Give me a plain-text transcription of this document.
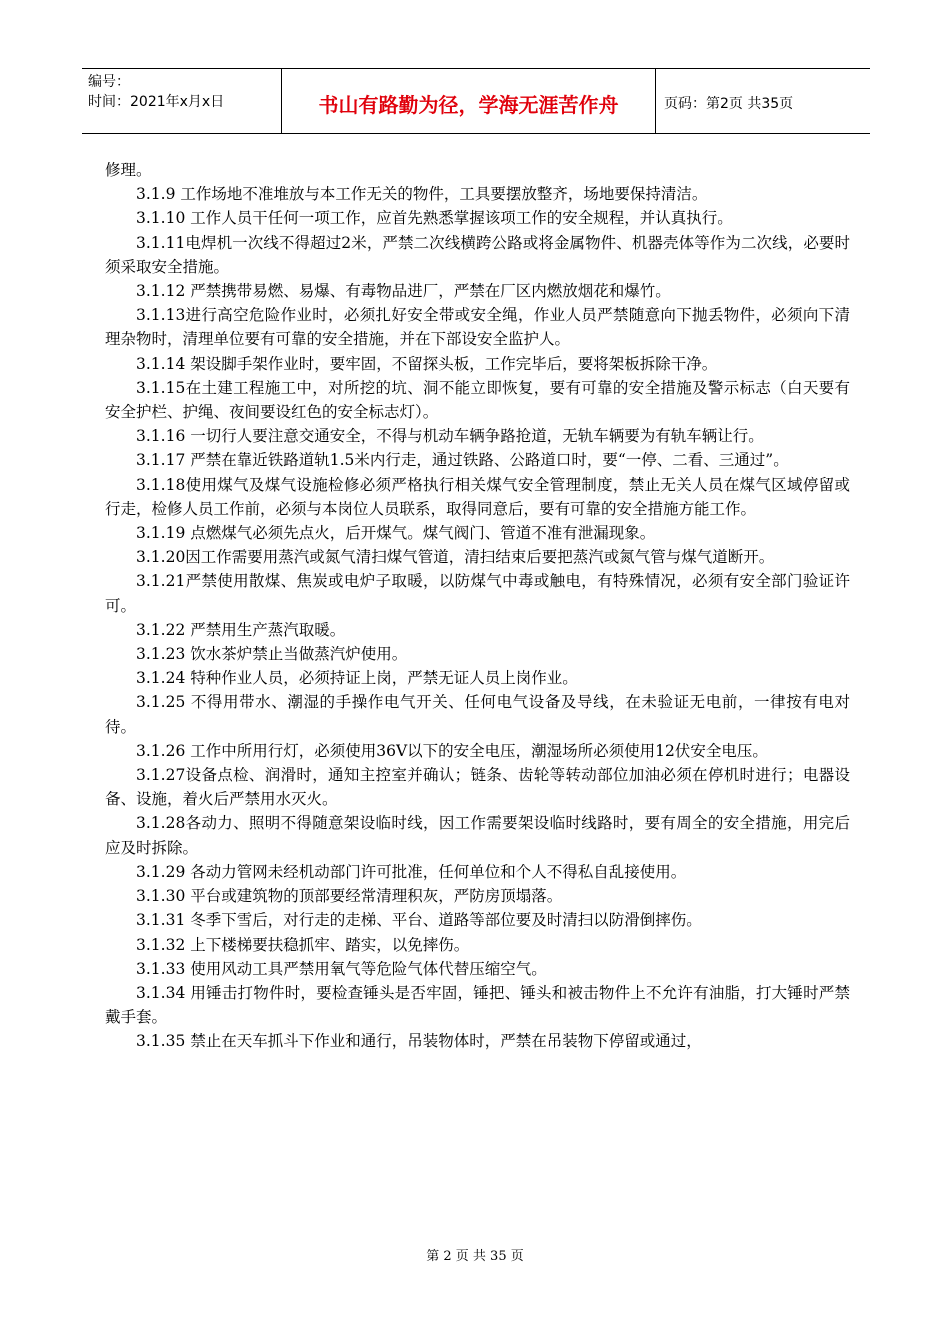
编号：
时间：2021年x月x日	书山有路勤为径，学海无涯苦作舟	页码：第2页 共35页

修理。

3.1.9 工作场地不准堆放与本工作无关的物件，工具要摆放整齐，场地要保持清洁。

3.1.10 工作人员干任何一项工作，应首先熟悉掌握该项工作的安全规程，并认真执行。

3.1.11电焊机一次线不得超过2米，严禁二次线横跨公路或将金属物件、机器壳体等作为二次线，必要时须采取安全措施。

3.1.12 严禁携带易燃、易爆、有毒物品进厂，严禁在厂区内燃放烟花和爆竹。

3.1.13进行高空危险作业时，必须扎好安全带或安全绳，作业人员严禁随意向下抛丢物件，必须向下清理杂物时，清理单位要有可靠的安全措施，并在下部设安全监护人。

3.1.14 架设脚手架作业时，要牢固，不留探头板，工作完毕后，要将架板拆除干净。

3.1.15在土建工程施工中，对所挖的坑、洞不能立即恢复，要有可靠的安全措施及警示标志（白天要有安全护栏、护绳、夜间要设红色的安全标志灯）。

3.1.16 一切行人要注意交通安全，不得与机动车辆争路抢道，无轨车辆要为有轨车辆让行。

3.1.17 严禁在靠近铁路道轨1.5米内行走，通过铁路、公路道口时，要“一停、二看、三通过”。

3.1.18使用煤气及煤气设施检修必须严格执行相关煤气安全管理制度，禁止无关人员在煤气区域停留或行走，检修人员工作前，必须与本岗位人员联系，取得同意后，要有可靠的安全措施方能工作。

3.1.19 点燃煤气必须先点火，后开煤气。煤气阀门、管道不准有泄漏现象。

3.1.20因工作需要用蒸汽或氮气清扫煤气管道，清扫结束后要把蒸汽或氮气管与煤气道断开。

3.1.21严禁使用散煤、焦炭或电炉子取暖，以防煤气中毒或触电，有特殊情况，必须有安全部门验证许可。

3.1.22 严禁用生产蒸汽取暖。

3.1.23 饮水茶炉禁止当做蒸汽炉使用。

3.1.24 特种作业人员，必须持证上岗，严禁无证人员上岗作业。

3.1.25 不得用带水、潮湿的手操作电气开关、任何电气设备及导线，在未验证无电前，一律按有电对待。

3.1.26 工作中所用行灯，必须使用36V以下的安全电压，潮湿场所必须使用12伏安全电压。

3.1.27设备点检、润滑时，通知主控室并确认；链条、齿轮等转动部位加油必须在停机时进行；电器设备、设施，着火后严禁用水灭火。

3.1.28各动力、照明不得随意架设临时线，因工作需要架设临时线路时，要有周全的安全措施，用完后应及时拆除。

3.1.29 各动力管网未经机动部门许可批准，任何单位和个人不得私自乱接使用。

3.1.30 平台或建筑物的顶部要经常清理积灰，严防房顶塌落。

3.1.31 冬季下雪后，对行走的走梯、平台、道路等部位要及时清扫以防滑倒摔伤。

3.1.32 上下楼梯要扶稳抓牢、踏实，以免摔伤。

3.1.33 使用风动工具严禁用氧气等危险气体代替压缩空气。

3.1.34 用锤击打物件时，要检查锤头是否牢固，锤把、锤头和被击物件上不允许有油脂，打大锤时严禁戴手套。

3.1.35 禁止在天车抓斗下作业和通行，吊装物体时，严禁在吊装物下停留或通过，

第 2 页 共 35 页
